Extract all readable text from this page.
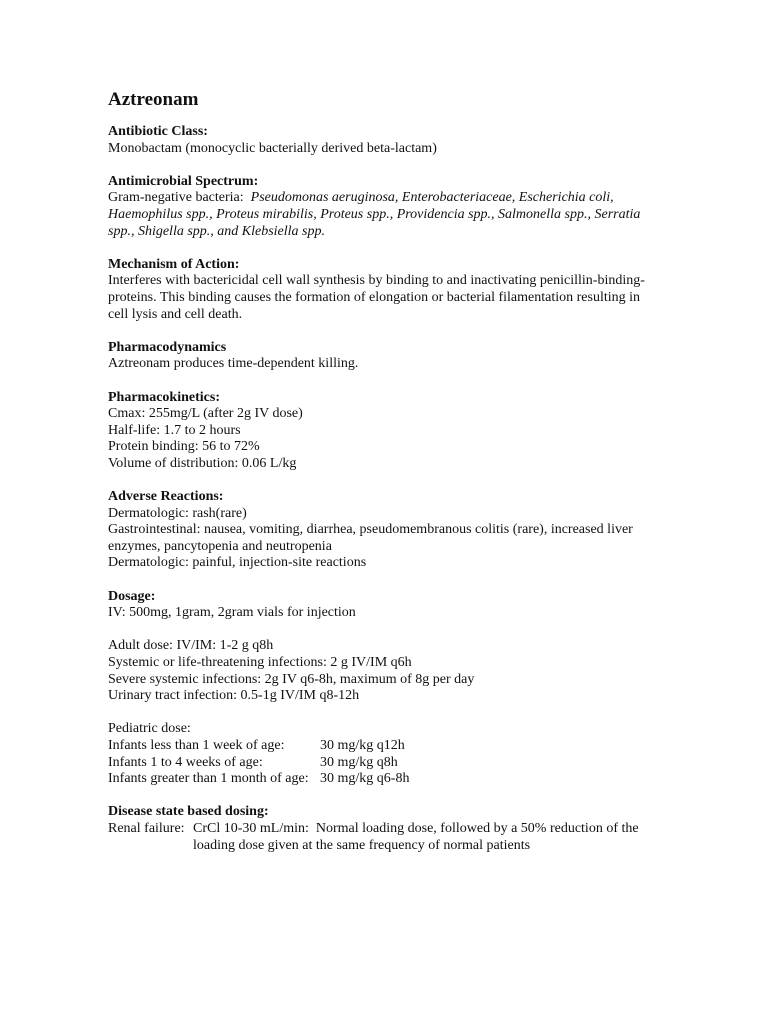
Aztreonam
Antibiotic Class:
Monobactam (monocyclic bacterially derived beta-lactam)
Antimicrobial Spectrum:
Gram-negative bacteria:  Pseudomonas aeruginosa, Enterobacteriaceae, Escherichia coli, Haemophilus spp., Proteus mirabilis, Proteus spp., Providencia spp., Salmonella spp., Serratia spp., Shigella spp., and Klebsiella spp.
Mechanism of Action:
Interferes with bactericidal cell wall synthesis by binding to and inactivating penicillin-binding-proteins. This binding causes the formation of elongation or bacterial filamentation resulting in cell lysis and cell death.
Pharmacodynamics
Aztreonam produces time-dependent killing.
Pharmacokinetics:
Cmax: 255mg/L (after 2g IV dose)
Half-life: 1.7 to 2 hours
Protein binding: 56 to 72%
Volume of distribution: 0.06 L/kg
Adverse Reactions:
Dermatologic: rash(rare)
Gastrointestinal: nausea, vomiting, diarrhea, pseudomembranous colitis (rare), increased liver enzymes, pancytopenia and neutropenia
Dermatologic: painful, injection-site reactions
Dosage:
IV: 500mg, 1gram, 2gram vials for injection
Adult dose: IV/IM: 1-2 g q8h
Systemic or life-threatening infections: 2 g IV/IM q6h
Severe systemic infections: 2g IV q6-8h, maximum of 8g per day
Urinary tract infection: 0.5-1g IV/IM q8-12h
Pediatric dose:
Infants less than 1 week of age:	30 mg/kg q12h
Infants 1 to 4 weeks of age:	30 mg/kg q8h
Infants greater than 1 month of age: 30 mg/kg q6-8h
Disease state based dosing:
Renal failure: CrCl 10-30 mL/min:  Normal loading dose, followed by a 50% reduction of the loading dose given at the same frequency of normal patients
